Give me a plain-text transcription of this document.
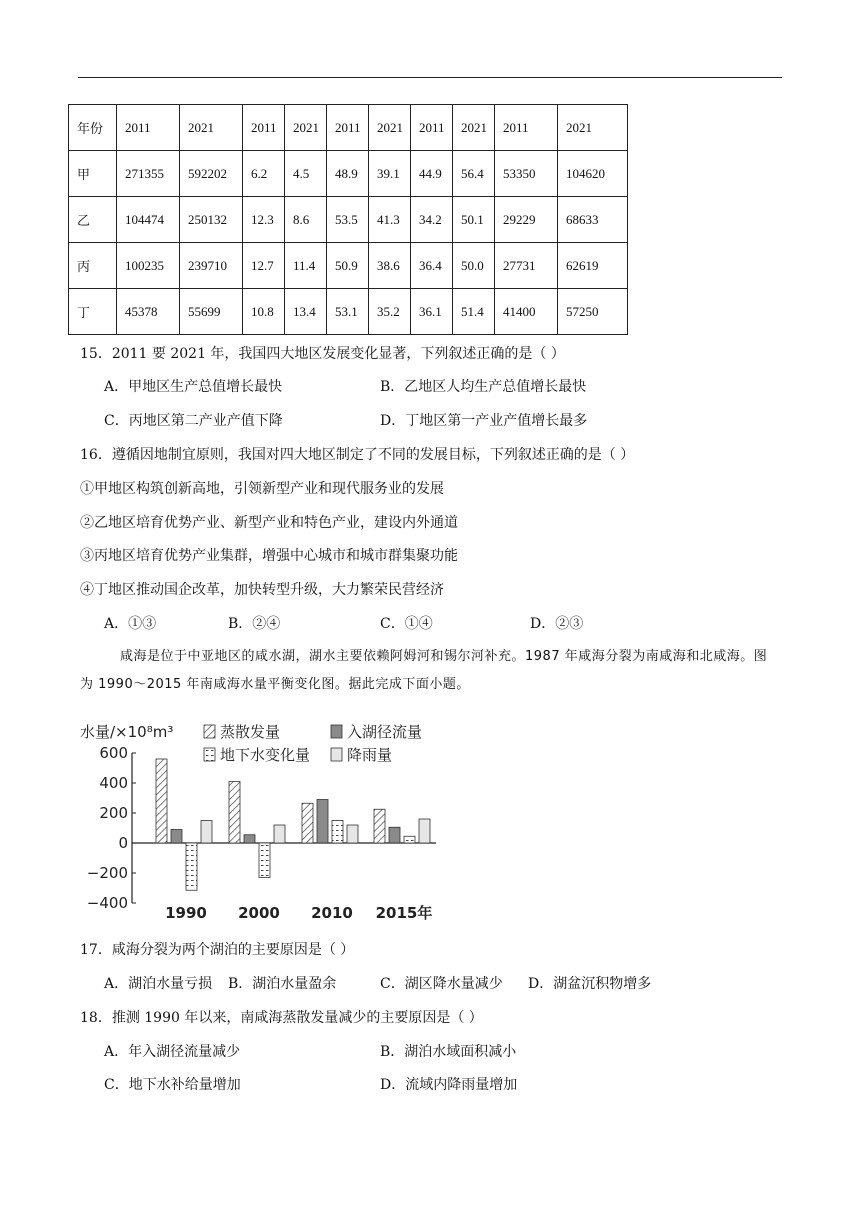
年份	2011	2021	2011	2021	2011	2021	2011	2021	2011	2021
甲	271355	592202	6.2	4.5	48.9	39.1	44.9	56.4	53350	104620
乙	104474	250132	12.3	8.6	53.5	41.3	34.2	50.1	29229	68633
丙	100235	239710	12.7	11.4	50.9	38.6	36.4	50.0	27731	62619
丁	45378	55699	10.8	13.4	53.1	35.2	36.1	51.4	41400	57250
15．2011 要 2021 年，我国四大地区发展变化显著，下列叙述正确的是（ ）
A．甲地区生产总值增长最快	B．乙地区人均生产总值增长最快
C．丙地区第二产业产值下降	D．丁地区第一产业产值增长最多
16．遵循因地制宜原则，我国对四大地区制定了不同的发展目标，下列叙述正确的是（ ）
①甲地区构筑创新高地，引领新型产业和现代服务业的发展
②乙地区培育优势产业、新型产业和特色产业，建设内外通道
③丙地区培育优势产业集群，增强中心城市和城市群集聚功能
④丁地区推动国企改革，加快转型升级，大力繁荣民营经济
A．①③	B．②④	C．①④	D．②③
咸海是位于中亚地区的咸水湖，湖水主要依赖阿姆河和锡尔河补充。1987 年咸海分裂为南咸海和北咸海。图为 1990～2015 年南咸海水量平衡变化图。据此完成下面小题。
水量/×10⁸m³
600
400
200
0
−200
−400
1990 2000 2010 2015年
蒸散发量	入湖径流量
地下水变化量 降雨量
17．咸海分裂为两个湖泊的主要原因是（ ）
A．湖泊水量亏损 B．湖泊水量盈余	C．湖区降水量减少 D．湖盆沉积物增多
18．推测 1990 年以来，南咸海蒸散发量减少的主要原因是（ ）
A．年入湖径流量减少	B．湖泊水域面积减小
C．地下水补给量增加	D．流域内降雨量增加
